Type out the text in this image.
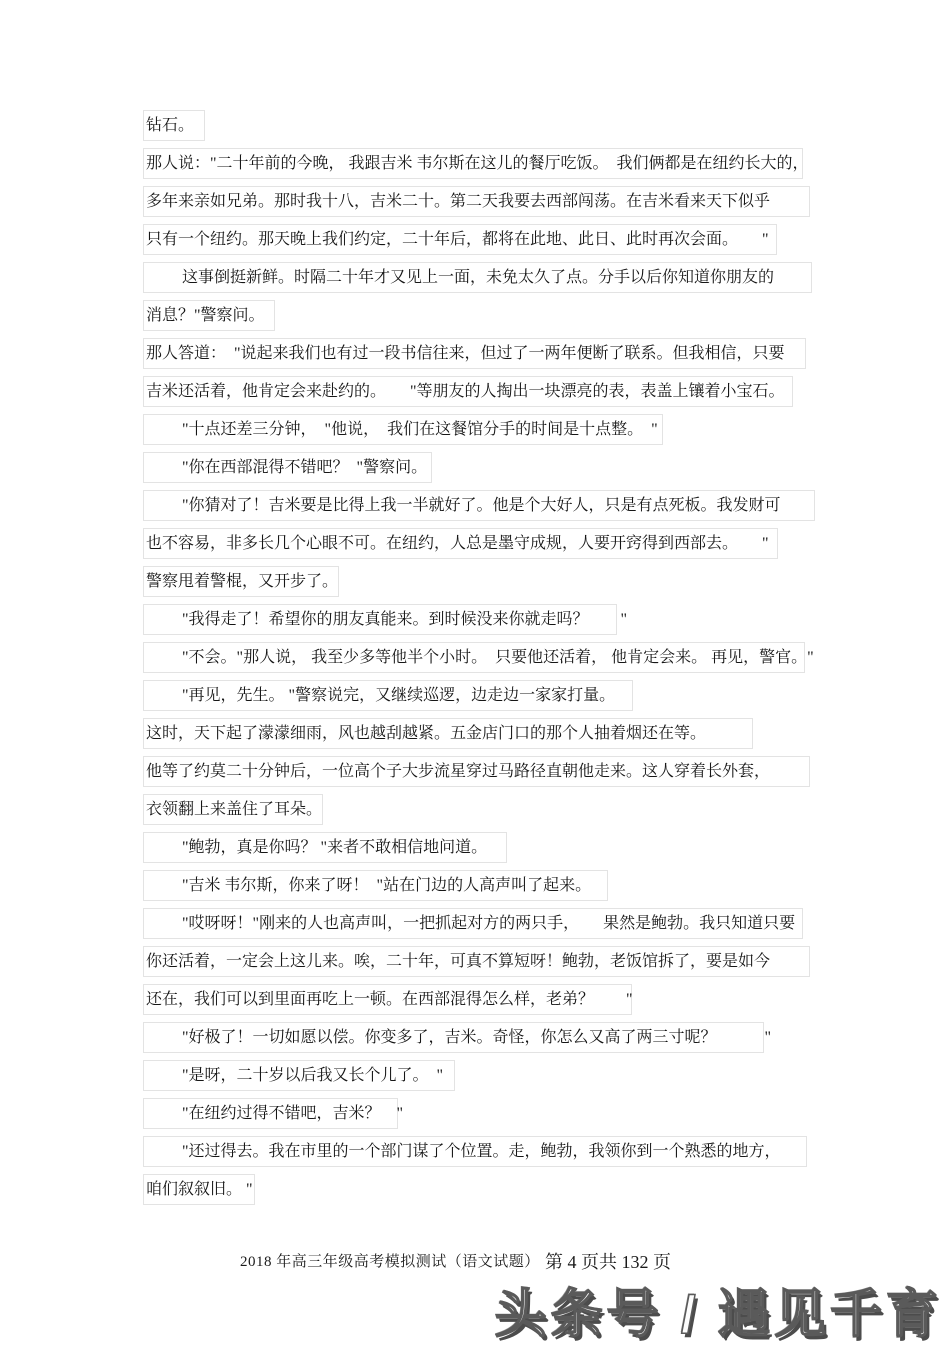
钻石。
那人说："二十年前的今晚， 我跟吉米 韦尔斯在这儿的餐厅吃饭。  我们俩都是在纽约长大的，
多年来亲如兄弟。那时我十八，吉米二十。第二天我要去西部闯荡。在吉米看来天下似乎
只有一个纽约。那天晚上我们约定，二十年后，都将在此地、此日、此时再次会面。　　"
这事倒挺新鲜。时隔二十年才又见上一面，未免太久了点。分手以后你知道你朋友的
消息？"警察问。
那人答道：　"说起来我们也有过一段书信往来，但过了一两年便断了联系。但我相信，只要
吉米还活着，他肯定会来赴约的。　　"等朋友的人掏出一块漂亮的表，表盖上镶着小宝石。
"十点还差三分钟，  "他说，  我们在这餐馆分手的时间是十点整。　"
"你在西部混得不错吧？  "警察问。
"你猜对了！吉米要是比得上我一半就好了。他是个大好人，只是有点死板。我发财可
也不容易，非多长几个心眼不可。在纽约，人总是墨守成规，人要开窍得到西部去。　　"
警察甩着警棍，又开步了。
"我得走了！希望你的朋友真能来。到时候没来你就走吗？　　"
"不会。"那人说， 我至少多等他半个小时。  只要他还活着， 他肯定会来。 再见，警官。"
"再见，先生。 "警察说完，又继续巡逻，边走边一家家打量。
这时，天下起了濛濛细雨，风也越刮越紧。五金店门口的那个人抽着烟还在等。
他等了约莫二十分钟后，一位高个子大步流星穿过马路径直朝他走来。这人穿着长外套，
衣领翻上来盖住了耳朵。
"鲍勃，真是你吗？ "来者不敢相信地问道。
"吉米 韦尔斯，你来了呀！  "站在门边的人高声叫了起来。
"哎呀呀！"刚来的人也高声叫，一把抓起对方的两只手，　　果然是鲍勃。我只知道只要
你还活着，一定会上这儿来。唉，二十年，可真不算短呀！鲍勃，老饭馆拆了，要是如今
还在，我们可以到里面再吃上一顿。在西部混得怎么样，老弟？　　"
"好极了！一切如愿以偿。你变多了，吉米。奇怪，你怎么又高了两三寸呢？　　　"
"是呀，二十岁以后我又长个儿了。　"
"在纽约过得不错吧，吉米？　"
"还过得去。我在市里的一个部门谋了个位置。走，鲍勃，我领你到一个熟悉的地方，
咱们叙叙旧。 "
2018 年高三年级高考模拟测试（语文试题） 第 4 页共 132 页
头条号 / 遇见千育
